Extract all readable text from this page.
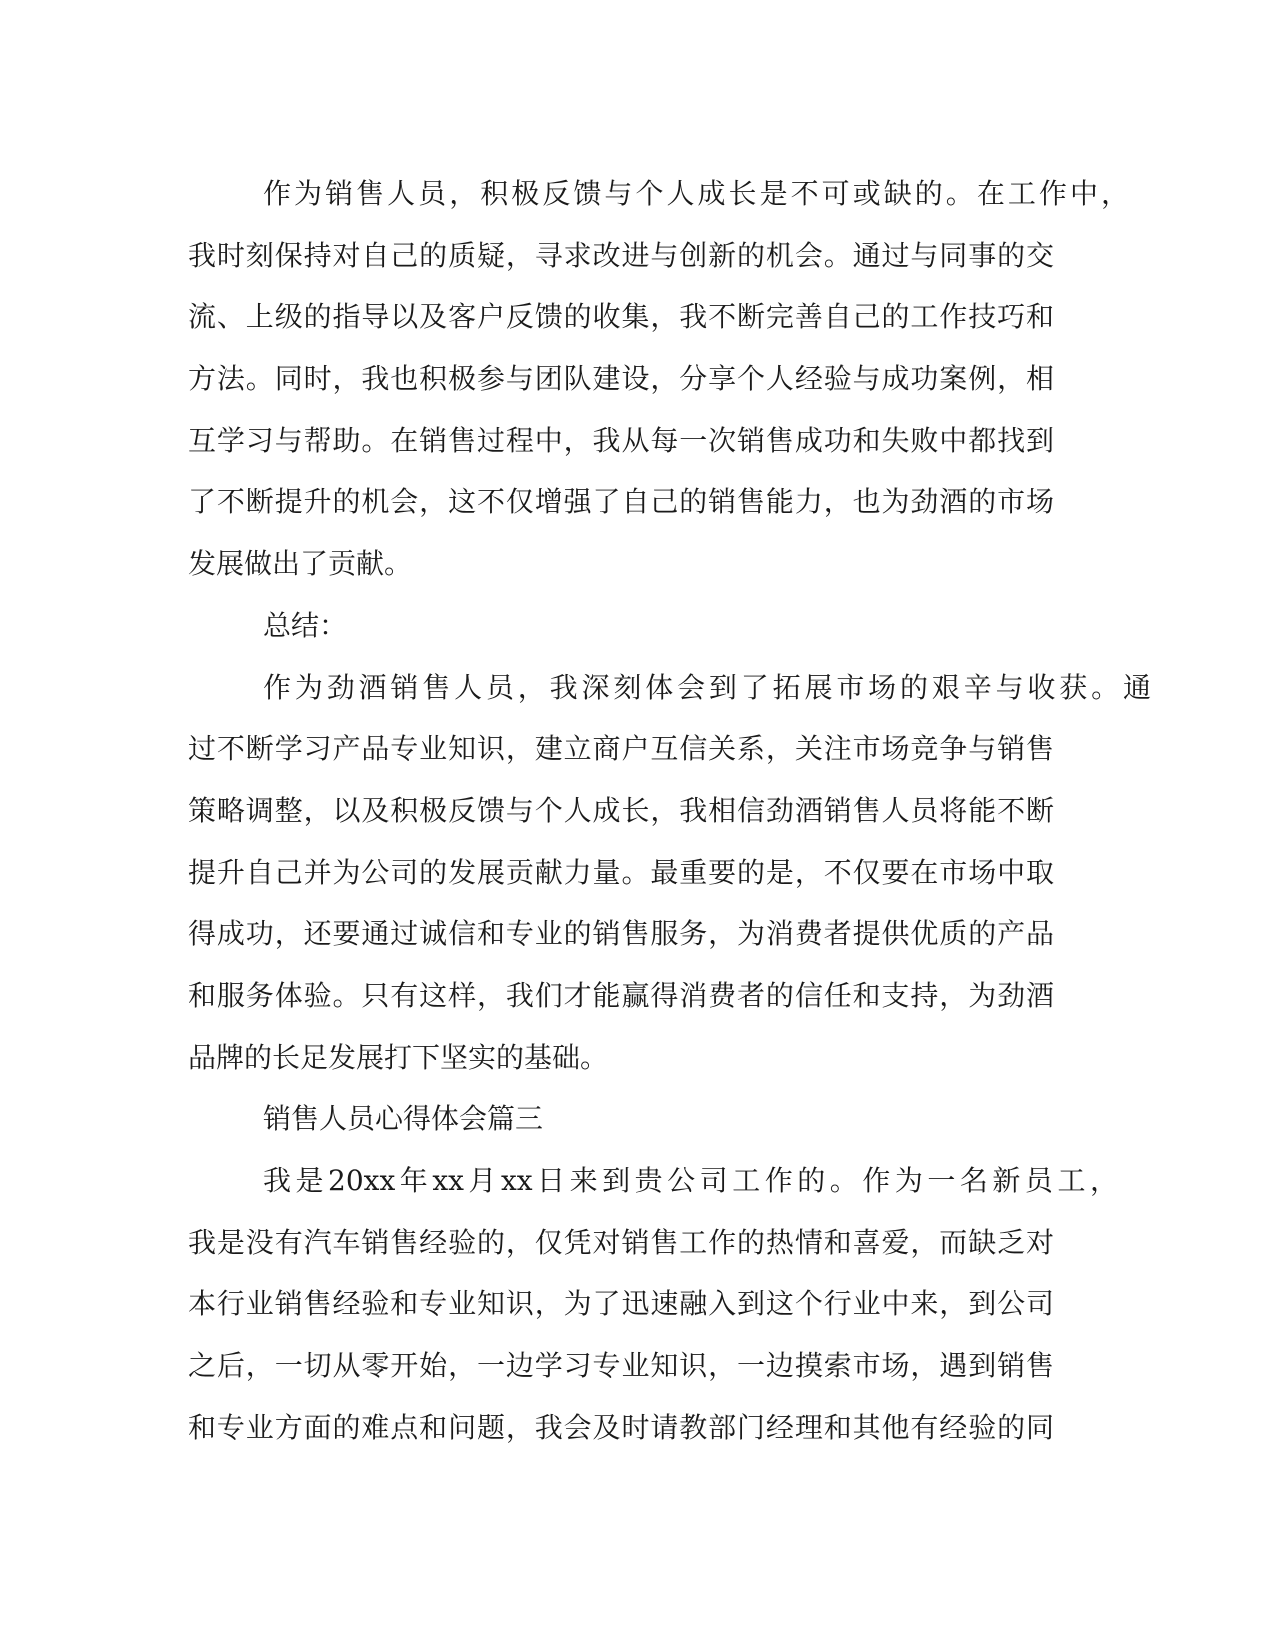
作为销售人员，积极反馈与个人成长是不可或缺的。在工作中，
我时刻保持对自己的质疑，寻求改进与创新的机会。通过与同事的交
流、上级的指导以及客户反馈的收集，我不断完善自己的工作技巧和
方法。同时，我也积极参与团队建设，分享个人经验与成功案例，相
互学习与帮助。在销售过程中，我从每一次销售成功和失败中都找到
了不断提升的机会，这不仅增强了自己的销售能力，也为劲酒的市场
发展做出了贡献。
总结：
作为劲酒销售人员，我深刻体会到了拓展市场的艰辛与收获。通
过不断学习产品专业知识，建立商户互信关系，关注市场竞争与销售
策略调整，以及积极反馈与个人成长，我相信劲酒销售人员将能不断
提升自己并为公司的发展贡献力量。最重要的是，不仅要在市场中取
得成功，还要通过诚信和专业的销售服务，为消费者提供优质的产品
和服务体验。只有这样，我们才能赢得消费者的信任和支持，为劲酒
品牌的长足发展打下坚实的基础。
销售人员心得体会篇三
我是20xx年xx月xx日来到贵公司工作的。作为一名新员工，
我是没有汽车销售经验的，仅凭对销售工作的热情和喜爱，而缺乏对
本行业销售经验和专业知识，为了迅速融入到这个行业中来，到公司
之后，一切从零开始，一边学习专业知识，一边摸索市场，遇到销售
和专业方面的难点和问题，我会及时请教部门经理和其他有经验的同
